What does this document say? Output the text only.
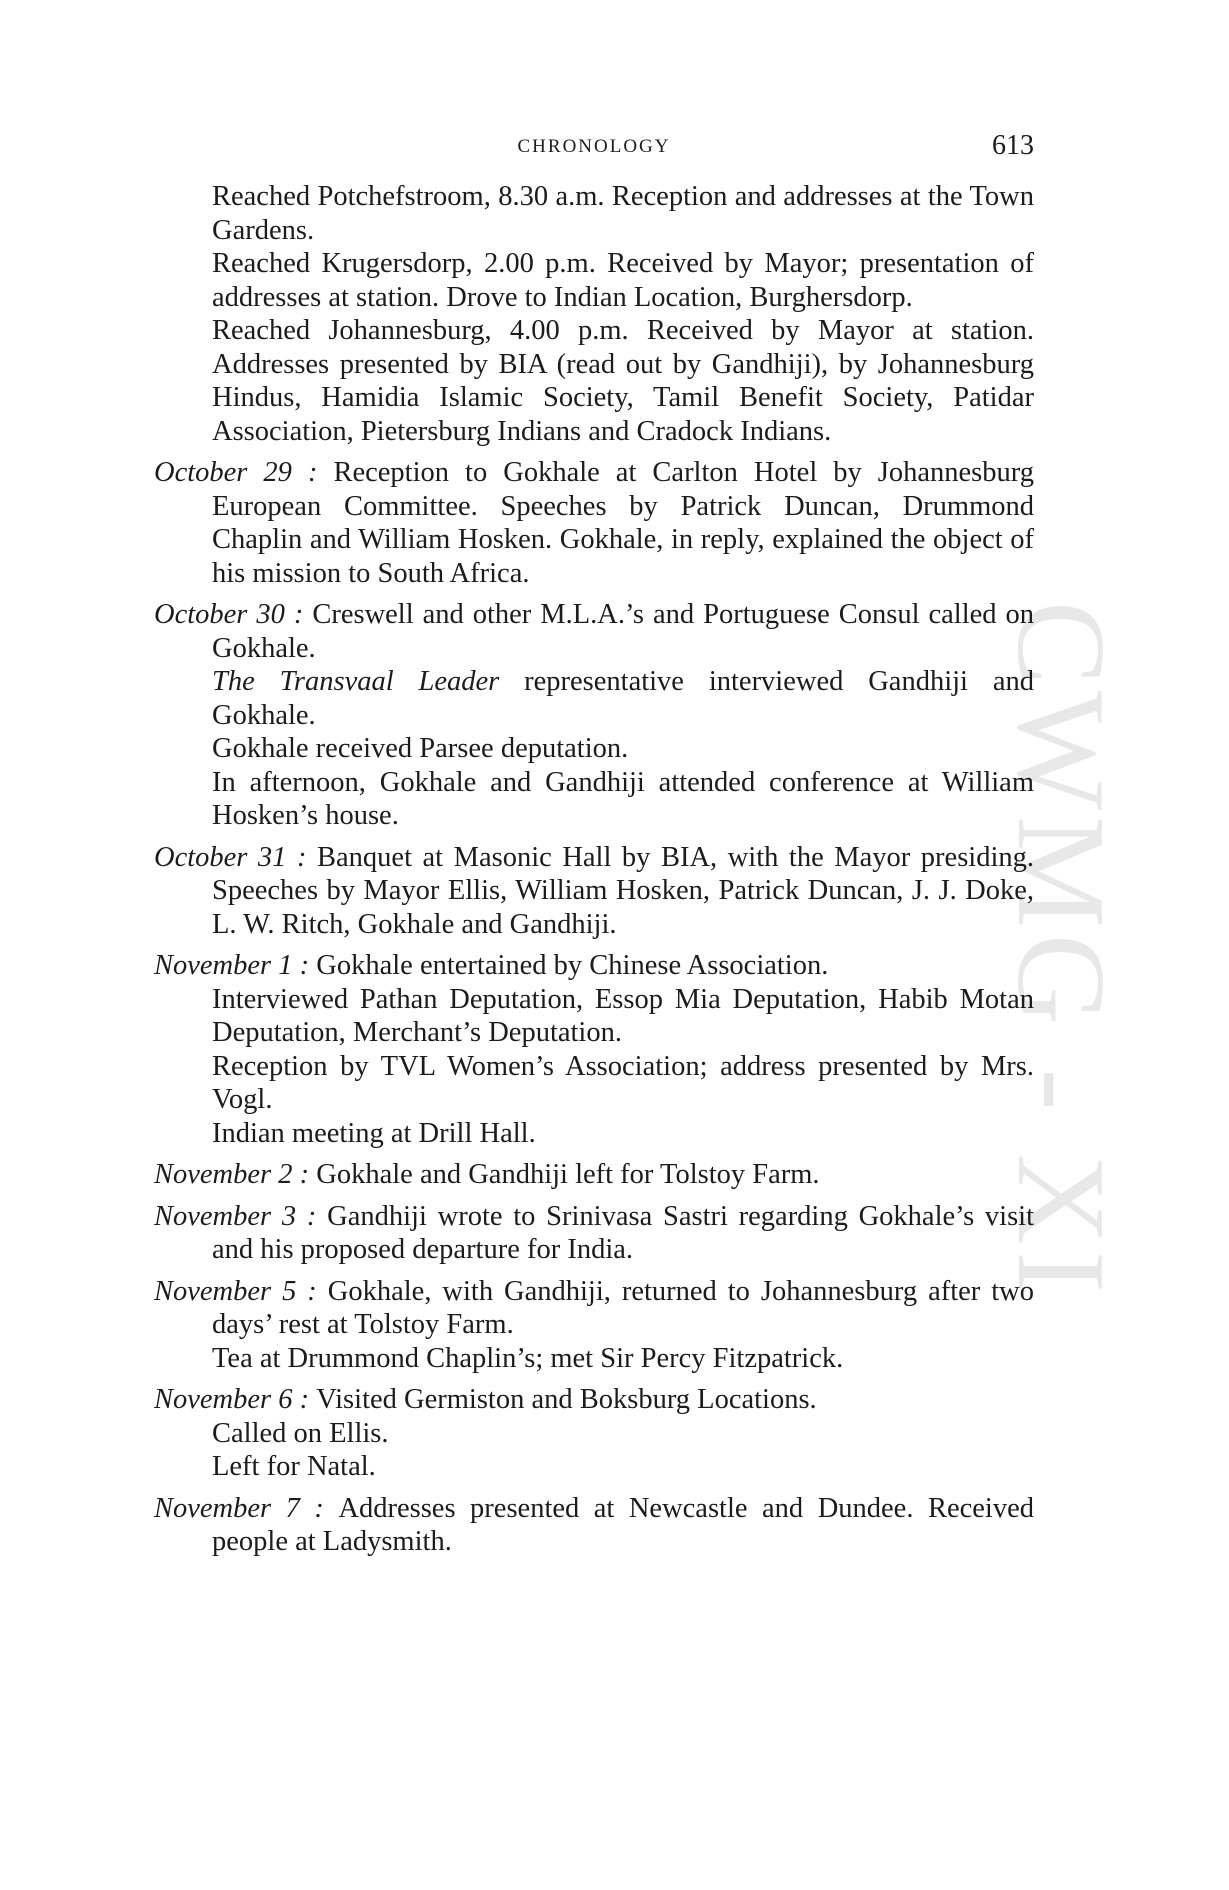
CWMG - XI
CHRONOLOGY	613

Reached Potchefstroom, 8.30 a.m. Reception and addresses at the Town Gardens.

Reached Krugersdorp, 2.00 p.m. Received by Mayor; presentation of addresses at station. Drove to Indian Location, Burghersdorp.

Reached Johannesburg, 4.00 p.m. Received by Mayor at station. Addresses presented by BIA (read out by Gandhiji), by Johannesburg Hindus, Hamidia Islamic Society, Tamil Benefit Society, Patidar Association, Pietersburg Indians and Cradock Indians.

October 29 : Reception to Gokhale at Carlton Hotel by Johannesburg European Committee. Speeches by Patrick Duncan, Drummond Chaplin and William Hosken. Gokhale, in reply, explained the object of his mission to South Africa.

October 30 : Creswell and other M.L.A.’s and Portuguese Consul called on Gokhale.

The Transvaal Leader representative interviewed Gandhiji and Gokhale.

Gokhale received Parsee deputation.

In afternoon, Gokhale and Gandhiji attended conference at William Hosken’s house.

October 31 : Banquet at Masonic Hall by BIA, with the Mayor presiding. Speeches by Mayor Ellis, William Hosken, Patrick Duncan, J. J. Doke, L. W. Ritch, Gokhale and Gandhiji.

November 1 : Gokhale entertained by Chinese Association.

Interviewed Pathan Deputation, Essop Mia Deputation, Habib Motan Deputation, Merchant’s Deputation.

Reception by TVL Women’s Association; address presented by Mrs. Vogl.

Indian meeting at Drill Hall.

November 2 : Gokhale and Gandhiji left for Tolstoy Farm.

November 3 : Gandhiji wrote to Srinivasa Sastri regarding Gokhale’s visit and his proposed departure for India.

November 5 : Gokhale, with Gandhiji, returned to Johannesburg after two days’ rest at Tolstoy Farm.

Tea at Drummond Chaplin’s; met Sir Percy Fitzpatrick.

November 6 : Visited Germiston and Boksburg Locations.

Called on Ellis.

Left for Natal.

November 7 : Addresses presented at Newcastle and Dundee. Received people at Ladysmith.
